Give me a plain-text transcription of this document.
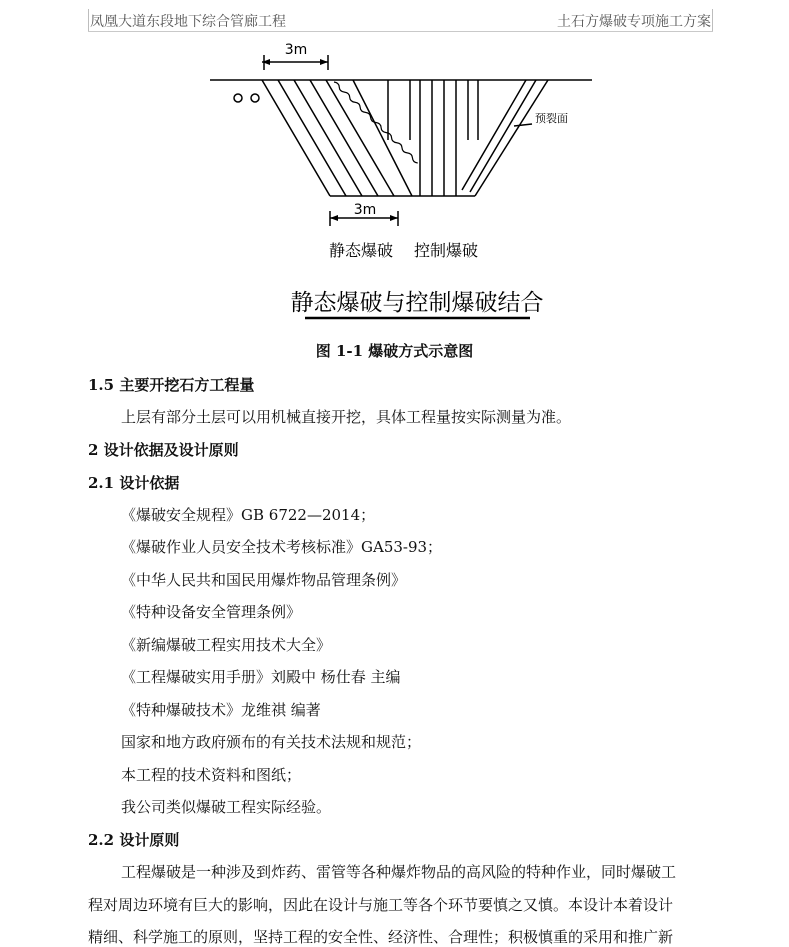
凤凰大道东段地下综合管廊工程	土石方爆破专项施工方案
3m
3m
预裂面
静态爆破 控制爆破
静态爆破与控制爆破结合
图 1-1 爆破方式示意图
1.5 主要开挖石方工程量
上层有部分土层可以用机械直接开挖，具体工程量按实际测量为准。
2 设计依据及设计原则
2.1 设计依据
《爆破安全规程》GB 6722—2014；
《爆破作业人员安全技术考核标准》GA53-93；
《中华人民共和国民用爆炸物品管理条例》
《特种设备安全管理条例》
《新编爆破工程实用技术大全》
《工程爆破实用手册》刘殿中 杨仕春 主编
《特种爆破技术》龙维祺 编著
国家和地方政府颁布的有关技术法规和规范；
本工程的技术资料和图纸；
我公司类似爆破工程实际经验。
2.2 设计原则
工程爆破是一种涉及到炸药、雷管等各种爆炸物品的高风险的特种作业，同时爆破工
程对周边环境有巨大的影响，因此在设计与施工等各个环节要慎之又慎。本设计本着设计
精细、科学施工的原则，坚持工程的安全性、经济性、合理性；积极慎重的采用和推广新
